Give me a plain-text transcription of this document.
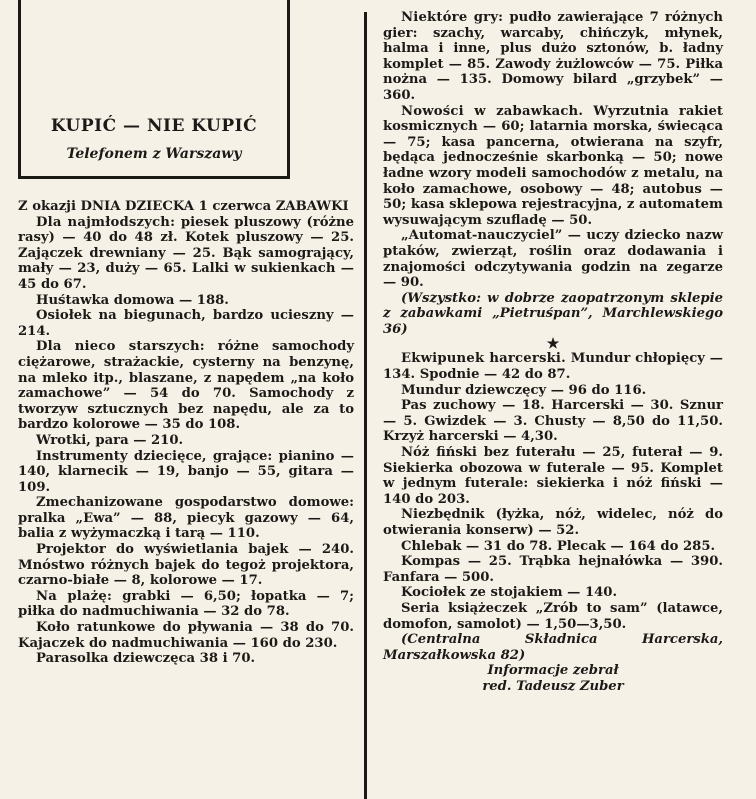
KUPIĆ — NIE KUPIĆ
Telefonem z Warszawy

Z okazji DNIA DZIECKA 1 czerwca ZABAWKI

Dla najmłodszych: piesek pluszowy (różne rasy) — 40 do 48 zł. Kotek pluszowy — 25. Zajączek drewniany — 25. Bąk samogrający, mały — 23, duży — 65. Lalki w sukienkach — 45 do 67.

Huśtawka domowa — 188.

Osiołek na biegunach, bardzo ucieszny — 214.

Dla nieco starszych: różne samochody ciężarowe, strażackie, cysterny na benzynę, na mleko itp., blaszane, z napędem „na koło zamachowe” — 54 do 70. Samochody z tworzyw sztucznych bez napędu, ale za to bardzo kolorowe — 35 do 108.

Wrotki, para — 210.

Instrumenty dziecięce, grające: pianino — 140, klarnecik — 19, banjo — 55, gitara — 109.

Zmechanizowane gospodarstwo domowe: pralka „Ewa” — 88, piecyk gazowy — 64, balia z wyżymaczką i tarą — 110.

Projektor do wyświetlania bajek — 240. Mnóstwo różnych bajek do tegoż projektora, czarno-białe — 8, kolorowe — 17.

Na plażę: grabki — 6,50; łopatka — 7; piłka do nadmuchiwania — 32 do 78.

Koło ratunkowe do pływania — 38 do 70. Kajaczek do nadmuchiwania — 160 do 230.

Parasolka dziewczęca 38 i 70.

Niektóre gry: pudło zawierające 7 różnych gier: szachy, warcaby, chińczyk, młynek, halma i inne, plus dużo sztonów, b. ładny komplet — 85. Zawody żużlowców — 75. Piłka nożna — 135. Domowy bilard „grzybek” — 360.

Nowości w zabawkach. Wyrzutnia rakiet kosmicznych — 60; latarnia morska, świecąca — 75; kasa pancerna, otwierana na szyfr, będąca jednocześnie skarbonką — 50; nowe ładne wzory modeli samochodów z metalu, na koło zamachowe, osobowy — 48; autobus — 50; kasa sklepowa rejestracyjna, z automatem wysuwającym szufladę — 50.

„Automat-nauczyciel” — uczy dziecko nazw ptaków, zwierząt, roślin oraz dodawania i znajomości odczytywania godzin na zegarze — 90.

(Wszystko: w dobrze zaopatrzonym sklepie z zabawkami „Pietruśpan”, Marchlewskiego 36)

★

Ekwipunek harcerski. Mundur chłopięcy — 134. Spodnie — 42 do 87.

Mundur dziewczęcy — 96 do 116.

Pas zuchowy — 18. Harcerski — 30. Sznur — 5. Gwizdek — 3. Chusty — 8,50 do 11,50. Krzyż harcerski — 4,30.

Nóż fiński bez futerału — 25, futerał — 9. Siekierka obozowa w futerale — 95. Komplet w jednym futerale: siekierka i nóż fiński — 140 do 203.

Niezbędnik (łyżka, nóż, widelec, nóż do otwierania konserw) — 52.

Chlebak — 31 do 78. Plecak — 164 do 285.

Kompas — 25. Trąbka hejnałówka — 390. Fanfara — 500.

Kociołek ze stojakiem — 140.

Seria książeczek „Zrób to sam” (latawce, domofon, samolot) — 1,50—3,50.

(Centralna Składnica Harcerska, Marszałkowska 82)

Informacje zebrał

red. Tadeusz Zuber
